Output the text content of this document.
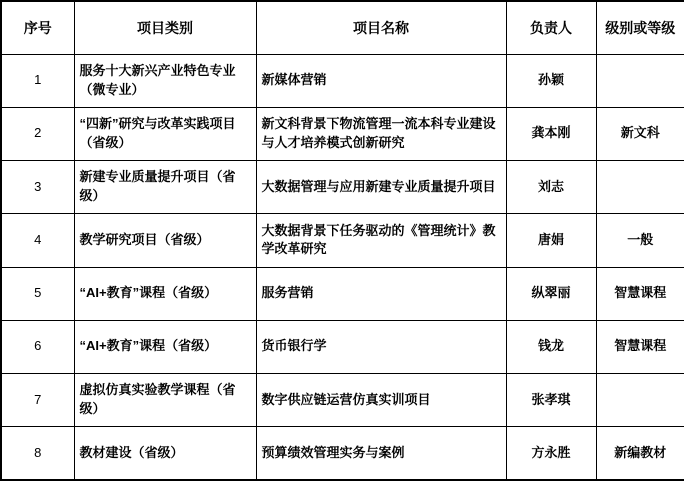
序号	项目类别	项目名称	负责人	级别或等级
1	服务十大新兴产业特色专业（微专业）	新媒体营销	孙颖	
2	“四新”研究与改革实践项目（省级）	新文科背景下物流管理一流本科专业建设与人才培养模式创新研究	龚本刚	新文科
3	新建专业质量提升项目（省级）	大数据管理与应用新建专业质量提升项目	刘志	
4	教学研究项目（省级）	大数据背景下任务驱动的《管理统计》教学改革研究	唐娟	一般
5	“AI+教育”课程（省级）	服务营销	纵翠丽	智慧课程
6	“AI+教育”课程（省级）	货币银行学	钱龙	智慧课程
7	虚拟仿真实验教学课程（省级）	数字供应链运营仿真实训项目	张孝琪	
8	教材建设（省级）	预算绩效管理实务与案例	方永胜	新编教材
